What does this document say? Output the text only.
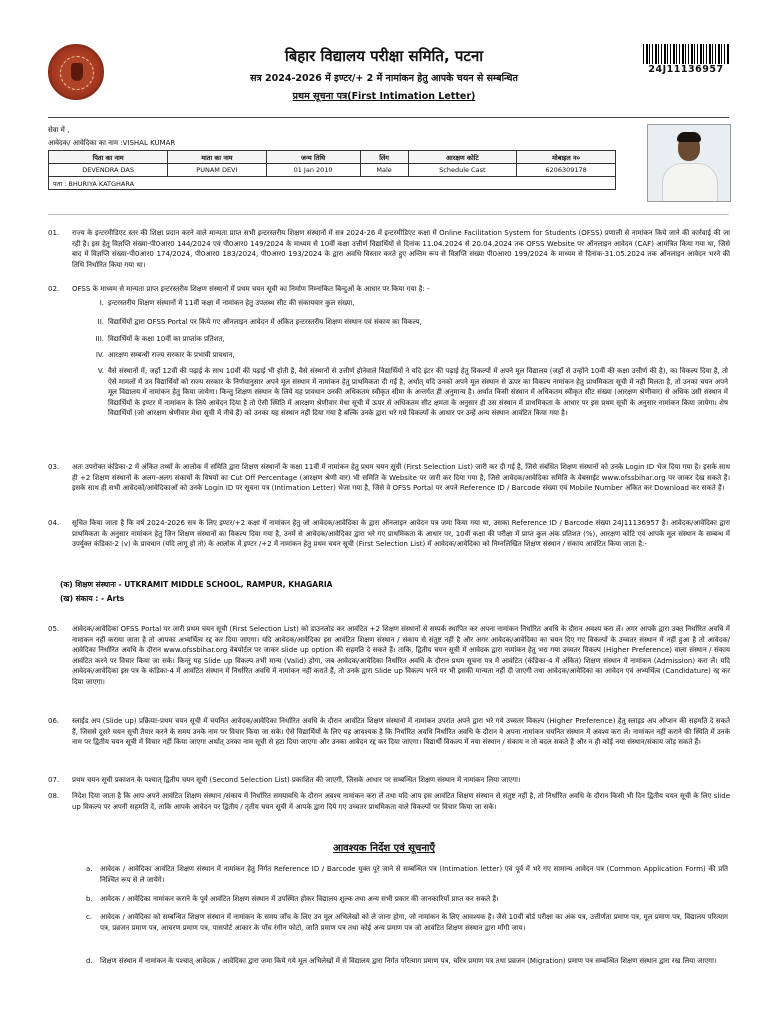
बिहार विद्यालय परीक्षा समिति, पटना
सत्र 2024-2026 में इण्टर/+ 2 में नामांकन हेतु आपके चयन से सम्बन्धित
प्रथम सूचना पत्र(First Intimation Letter)
24J11136957
सेवा में ,
आवेदक/ आवेदिका का नाम :VISHAL KUMAR
पिता का नाम	माता का नाम	जन्म तिथि	लिंग	आरक्षण कोटि	मोबाइल न०
DEVENDRA DAS	PUNAM DEVI	01 Jan 2010	Male	Schedule Cast	6206309178
पता : BHURIYA KATGHARA					
01.	राज्य के इन्टरमीडिएट स्तर की शिक्षा प्रदान करने वाले मान्यता प्राप्त सभी इन्टरस्तरीय शिक्षण संस्थानों में सत्र 2024-26 में इन्टरमीडिएट कक्षा में Online Facilitation System for Students (OFSS) प्रणाली से नामांकन किये जाने की कार्रवाई की जा रही है। इस हेतु विज्ञप्ति संख्या-पी0आर0 144/2024 एवं पी0आर0 149/2024 के माध्यम से 10वीं कक्षा उत्तीर्ण विद्यार्थियों से दिनांक 11.04.2024 से 20.04.2024 तक OFSS Website पर ऑनलाइन आवेदन (CAF) आमंत्रित किया गया था, जिसे बाद में विज्ञप्ति संख्या-पी0आर0 174/2024, पी0आर0 183/2024, पी0आर0 193/2024 के द्वारा अवधि विस्तार करते हुए अन्तिम रूप से विज्ञप्ति संख्या पी0आर0 199/2024 के माध्यम से दिनांक-31.05.2024 तक ऑनलाइन आवेदन भरने की तिथि निर्धारित किया गया था।
02.	OFSS के माध्यम से मान्यता प्राप्त इन्टरस्तरीय शिक्षण संस्थानों में प्रथम चयन सूची का निर्माण निम्नांकित बिन्दुओं के आधार पर किया गया है: -
I. इन्टरस्तरीय शिक्षण संस्थानों में 11वीं कक्षा में नामांकन हेतु उपलब्ध सीट की संकायवार कुल संख्या,
II. विद्यार्थियों द्वारा OFSS Portal पर किये गए ऑनलाइन आवेदन में अंकित इन्टरस्तरीय शिक्षण संस्थान एवं संकाय का विकल्प,
III. विद्यार्थियों के कक्षा 10वीं का प्राप्तांक प्रतिशत,
IV. आरक्षण सम्बन्धी राज्य सरकार के प्रभावी प्रावधान,
V. वैसे संस्थानों में, जहाँ 12वीं की पढ़ाई के साथ 10वीं की पढ़ाई भी होती है, वैसे संस्थानों से उत्तीर्ण होनेवाले विद्यार्थियों ने यदि इंटर की पढ़ाई हेतु विकल्पों में अपने मूल विद्यालय (जहाँ से उन्होंने 10वीं की कक्षा उत्तीर्ण की है), का विकल्प दिया है, तो ऐसे मामलों में उन विद्यार्थियों को राज्य सरकार के निर्णयानुसार अपने मूल संस्थान में नामांकन हेतु प्राथमिकता दी गई है, अर्थात् यदि उनको अपने मूल संस्थान से ऊपर का विकल्प नामांकन हेतु प्राथमिकता सूची में नहीं मिलता है, तो उनका चयन अपने मूल विद्यालय में नामांकन हेतु किया जायेगा। किन्तु शिक्षण संस्थान के लिये यह प्रावधान उनकी अधिकतम स्वीकृत सीमा के अन्तर्गत ही अनुमान्य है। अर्थात किसी संस्थान में अधिकतम स्वीकृत सीट संख्या (आरक्षण श्रेणीवार) से अधिक उसी संस्थान में विद्यार्थियों के इण्टर में नामांकन के लिये आवेदन दिया है तो ऐसी स्थिति में आरक्षण श्रेणीवार मेधा सूची में ऊपर से अधिकतम सीट क्षमता के अनुसार ही उस संस्थान में प्राथमिकता के आधार पर इस प्रथम सूची के अनुसार नामांकन किया जायेगा। शेष विद्यार्थियों (जो आरक्षण श्रेणीवार मेधा सूची में नीचे हैं) को उनका यह संस्थान नहीं दिया गया है बल्कि उनके द्वारा भरे गये विकल्पों के आधार पर उन्हें अन्य संस्थान आवंटित किया गया है।
03.	अतः उपरोक्त कंडिका-2 में अंकित तथ्यों के आलोक में समिति द्वारा शिक्षण संस्थानों के कक्षा 11वीं में नामांकन हेतु प्रथम चयन सूची (First Selection List) जारी कर दी गई है, जिसे संबंधित शिक्षण संस्थानों को उनके Login ID भेज दिया गया है। इसके साथ ही +2 शिक्षण संस्थानों के अलग-अलग संकायों के विषयों का Cut Off Percentage (आरक्षण श्रेणी वार) भी समिति के Website पर जारी कर दिया गया है, जिसे आवेदक/आवेदिका समिति के वेबसाईट www.ofssbihar.org पर जाकर देख सकते हैं। इसके साथ ही सभी आवेदकों/आवेदिकाओं को उनके Login ID पर सूचना पत्र (Intimation Letter) भेजा गया है, जिसे वे OFSS Portal पर अपने Reference ID / Barcode संख्या एवं Mobile Number अंकित कर Download कर सकते हैं।
04.	सूचित किया जाता है कि वर्ष 2024-2026 सत्र के लिए इण्टर/+2 कक्षा में नामांकन हेतु जो आवेदक/आवेदिका के द्वारा ऑनलाइन आवेदन पत्र जमा किया गया था, उसका Reference ID / Barcode संख्या 24J11136957 है। आवेदक/आवेदिका द्वारा प्राथमिकता के अनुसार नामांकन हेतु जिन शिक्षण संस्थानों का विकल्प दिया गया है, उनमें से आवेदक/आवेदिका द्वारा भरे गए प्राथमिकता के आधार पर, 10वीं कक्षा की परीक्षा में प्राप्त कुल अंक प्रतिशत (%), आरक्षण कोटि एवं आपके मूल संस्थान के सम्बन्ध में उपर्युक्त कंडिका-2 (v) के प्रावधान (यदि लागू हो तो) के आलोक में इण्टर /+2 में नामांकन हेतु प्रथम चयन सूची (First Selection List) में आवेदक/आवेदिका को निम्नलिखित शिक्षण संस्थान / संकाय आवंटित किया जाता है:-
(क) शिक्षण संस्थानः - UTKRAMIT MIDDLE SCHOOL, RAMPUR, KHAGARIA
(ख) संकाय : - Arts
05.	आवेदक/आवेदिका OFSS Portal पर जारी प्रथम चयन सूची (First Selection List) को डाउनलोड कर आवंटित +2 शिक्षण संस्थानों से सम्पर्क स्थापित कर अपना नामांकन निर्धारित अवधि के दौरान अवश्य करा लें। अगर आपके द्वारा उक्त निर्धारित अवधि में नामांकन नहीं कराया जाता है तो आपका अभ्यर्थित्व रद्द कर दिया जाएगा। यदि आवेदक/आवेदिका इस आवंटित शिक्षण संस्थान / संकाय से संतुष्ट नहीं है और अगर आवेदक/आवेदिका का चयन दिए गए विकल्पों के उच्चतर संस्थान में नहीं हुआ है तो आवेदक/आवेदिका निर्धारित अवधि के दौरान www.ofssbihar.org वेबपोर्टल पर जाकर slide up option की सहमति दे सकते हैं। ताकि, द्वितीय चयन सूची में आवेदक द्वारा नामांकन हेतु भरा गया उच्चतर विकल्प (Higher Preference) वाला संस्थान / संकाय आवंटित करने पर विचार किया जा सके। किन्तु यह Slide up विकल्प तभी मान्य (Valid) होगा, जब आवेदक/आवेदिका निर्धारित अवधि के दौरान प्रथम सूचना पत्र में आवंटित (कंडिका-4 में अंकित) शिक्षण संस्थान में नामांकन (Admission) करा लें। यदि आवेदक/आवेदिका इस पत्र के कंडिका-4 में आवंटित संस्थान में निर्धारित अवधि में नामांकन नहीं कराते हैं, तो उनके द्वारा Slide up विकल्प भरने पर भी इसकी मान्यता नहीं दी जाएगी तथा आवेदक/आवेदिका का आवेदन एवं अभ्यर्थित्व (Candidature) रद्द कर दिया जाएगा।
06.	स्लाईड अप (Slide up) प्रक्रियाः-प्रथम चयन सूची में चयनित आवेदक/आवेदिका निर्धारित अवधि के दौरान आवंटित शिक्षण संस्थानों में नामांकन उपरांत अपने द्वारा भरे गये उच्चतर विकल्प (Higher Preference) हेतु स्लाइड अप ऑप्शन की सहमति दे सकते हैं, जिससे दूसरे चयन सूची तैयार करने के समय उनके नाम पर विचार किया जा सके। ऐसे विद्यार्थियों के लिए यह आवश्यक है कि निर्धारित अवधि निर्धारित अवधि के दौरान वे अपना नामांकन चयनित संस्थान में अवश्य करा लें। नामांकन नहीं कराने की स्थिति में उनके नाम पर द्वितीय चयन सूची में विचार नहीं किया जाएगा अर्थात् उनका नाम सूची से हटा दिया जाएगा और उनका आवेदन रद्द कर दिया जाएगा। विद्यार्थी विकल्प में नया संस्थान / संकाय न तो बदल सकते हैं और न ही कोई नया संस्थान/संकाय जोड़ सकते हैं।
07.	प्रथम चयन सूची प्रकाशन के पश्चात् द्वितीय चयन सूची (Second Selection List) प्रकाशित की जाएगी, जिसके आधार पर सम्बन्धित शिक्षण संस्थान में नामांकन लिया जाएगा।
08.	निदेश दिया जाता है कि आप अपने आवंटित शिक्षण संस्थान /संकाय में निर्धारित समयावधि के दौरान अवश्य नामांकन करा लें तथा यदि आप इस आवंटित शिक्षण संस्थान से संतुष्ट नहीं है, तो निर्धारित अवधि के दौरान किसी भी दिन द्वितीय चयन सूची के लिए slide up विकल्प पर अपनी सहमति दें, ताकि आपके आवेदन पर द्वितीय / तृतीय चयन सूची में आपके द्वारा दिये गए उच्चतर प्राथमिकता वाले विकल्पों पर विचार किया जा सके।
आवश्यक निर्देश एवं सूचनाएँ
a. आवेदक / आवेदिका आवंटित शिक्षण संस्थान में नामांकन हेतु निर्गत Reference ID / Barcode युक्त पूरे जाने से सम्बन्धित पत्र (Intimation letter) एवं पूर्व में भरे गए सामान्य आवेदन पत्र (Common Application Form) की प्रति निश्चित रूप से ले जायेंगे।
b. आवेदक / आवेदिका नामांकन कराने के पूर्व आवंटित शिक्षण संस्थान में उपस्थित होकर विद्यालय शुल्क तथा अन्य सभी प्रकार की जानकारियाँ प्राप्त कर सकते हैं।
c. आवेदक / आवेदिका को सम्बन्धित शिक्षण संस्थान में नामांकन के समय जाँच के लिए उन मूल अभिलेखों को ले जाना होगा, जो नामांकन के लिए आवश्यक है। जैसे 10वीं बोर्ड परीक्षा का अंक पत्र, उत्तीर्णता प्रमाण पत्र, मूल प्रमाण पत्र, विद्यालय परित्याग पत्र, प्रव्रजन प्रमाण पत्र, आचरण प्रमाण पत्र, पासपोर्ट आकार के पाँच रंगीन फोटो, जाति प्रमाण पत्र तथा कोई अन्य प्रमाण पत्र जो आवंटित शिक्षण संस्थान द्वारा माँगी जाय।
d. शिक्षण संस्थान में नामांकन के पश्चात् आवेदक / आवेदिका द्वारा जमा किये गये मूल अभिलेखों में से विद्यालय द्वारा निर्गत परित्याग प्रमाण पत्र, चरित्र प्रमाण पत्र तथा प्रव्रजन (Migration) प्रमाण पत्र सम्बन्धित शिक्षण संस्थान द्वारा रख लिया जाएगा।
